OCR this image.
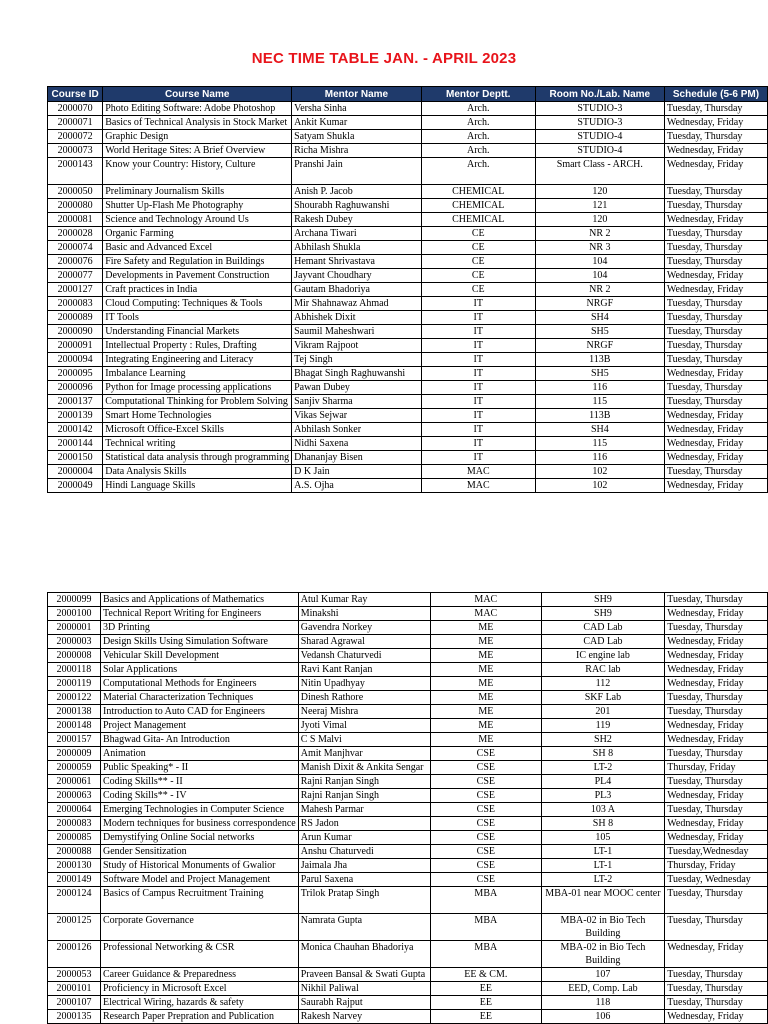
NEC TIME TABLE JAN. - APRIL 2023
Course ID	Course Name	Mentor Name	Mentor Deptt.	Room No./Lab. Name	Schedule (5-6 PM)
2000070	Photo Editing Software: Adobe Photoshop	Versha Sinha	Arch.	STUDIO-3	Tuesday, Thursday
2000071	Basics of Technical Analysis in Stock Market	Ankit Kumar	Arch.	STUDIO-3	Wednesday, Friday
2000072	Graphic Design	Satyam Shukla	Arch.	STUDIO-4	Tuesday, Thursday
2000073	World Heritage Sites: A Brief Overview	Richa Mishra	Arch.	STUDIO-4	Wednesday, Friday
2000143	Know your Country: History, Culture	Pranshi Jain	Arch.	Smart Class - ARCH.	Wednesday, Friday
2000050	Preliminary Journalism Skills	Anish P. Jacob	CHEMICAL	120	Tuesday, Thursday
2000080	Shutter Up-Flash Me Photography	Shourabh Raghuwanshi	CHEMICAL	121	Tuesday, Thursday
2000081	Science and Technology Around Us	Rakesh Dubey	CHEMICAL	120	Wednesday, Friday
2000028	Organic Farming	Archana Tiwari	CE	NR 2	Tuesday, Thursday
2000074	Basic and Advanced Excel	Abhilash Shukla	CE	NR 3	Tuesday, Thursday
2000076	Fire Safety and Regulation in Buildings	Hemant Shrivastava	CE	104	Tuesday, Thursday
2000077	Developments in Pavement Construction	Jayvant Choudhary	CE	104	Wednesday, Friday
2000127	Craft practices in India	Gautam Bhadoriya	CE	NR 2	Wednesday, Friday
2000083	Cloud Computing: Techniques & Tools	Mir Shahnawaz Ahmad	IT	NRGF	Tuesday, Thursday
2000089	IT Tools	Abhishek Dixit	IT	SH4	Tuesday, Thursday
2000090	Understanding Financial Markets	Saumil Maheshwari	IT	SH5	Tuesday, Thursday
2000091	Intellectual Property : Rules, Drafting	Vikram Rajpoot	IT	NRGF	Tuesday, Thursday
2000094	Integrating Engineering and Literacy	Tej Singh	IT	113B	Tuesday, Thursday
2000095	Imbalance Learning	Bhagat Singh Raghuwanshi	IT	SH5	Wednesday, Friday
2000096	Python for Image processing applications	Pawan Dubey	IT	116	Tuesday, Thursday
2000137	Computational Thinking for Problem Solving	Sanjiv Sharma	IT	115	Tuesday, Thursday
2000139	Smart Home Technologies	Vikas Sejwar	IT	113B	Wednesday, Friday
2000142	Microsoft Office-Excel Skills	Abhilash Sonker	IT	SH4	Wednesday, Friday
2000144	Technical writing	Nidhi Saxena	IT	115	Wednesday, Friday
2000150	Statistical data analysis through programming	Dhananjay Bisen	IT	116	Wednesday, Friday
2000004	Data Analysis Skills	D K Jain	MAC	102	Tuesday, Thursday
2000049	Hindi Language Skills	A.S. Ojha	MAC	102	Wednesday, Friday
2000099	Basics and Applications of Mathematics	Atul Kumar Ray	MAC	SH9	Tuesday, Thursday
2000100	Technical Report Writing for Engineers	Minakshi	MAC	SH9	Wednesday, Friday
2000001	3D Printing	Gavendra Norkey	ME	CAD Lab	Tuesday, Thursday
2000003	Design Skills Using Simulation Software	Sharad Agrawal	ME	CAD Lab	Wednesday, Friday
2000008	Vehicular Skill Development	Vedansh Chaturvedi	ME	IC engine lab	Wednesday, Friday
2000118	Solar Applications	Ravi Kant Ranjan	ME	RAC lab	Wednesday, Friday
2000119	Computational Methods for Engineers	Nitin Upadhyay	ME	112	Wednesday, Friday
2000122	Material Characterization Techniques	Dinesh Rathore	ME	SKF Lab	Tuesday, Thursday
2000138	Introduction to Auto CAD for Engineers	Neeraj Mishra	ME	201	Tuesday, Thursday
2000148	Project Management	Jyoti Vimal	ME	119	Wednesday, Friday
2000157	Bhagwad Gita- An Introduction	C S Malvi	ME	SH2	Wednesday, Friday
2000009	Animation	Amit Manjhvar	CSE	SH 8	Tuesday, Thursday
2000059	Public Speaking* - II	Manish Dixit & Ankita Sengar	CSE	LT-2	Thursday, Friday
2000061	Coding Skills** - II	Rajni Ranjan Singh	CSE	PL4	Tuesday, Thursday
2000063	Coding Skills** - IV	Rajni Ranjan Singh	CSE	PL3	Wednesday, Friday
2000064	Emerging Technologies in Computer Science	Mahesh Parmar	CSE	103 A	Tuesday, Thursday
2000083	Modern techniques for business correspondence	RS Jadon	CSE	SH 8	Wednesday, Friday
2000085	Demystifying Online Social networks	Arun Kumar	CSE	105	Wednesday, Friday
2000088	Gender Sensitization	Anshu Chaturvedi	CSE	LT-1	Tuesday,Wednesday
2000130	Study of Historical Monuments of Gwalior	Jaimala Jha	CSE	LT-1	Thursday, Friday
2000149	Software Model and Project Management	Parul Saxena	CSE	LT-2	Tuesday, Wednesday
2000124	Basics of Campus Recruitment Training	Trilok Pratap Singh	MBA	MBA-01 near MOOC center	Tuesday, Thursday
2000125	Corporate Governance	Namrata Gupta	MBA	MBA-02 in Bio Tech Building	Tuesday, Thursday
2000126	Professional Networking & CSR	Monica Chauhan Bhadoriya	MBA	MBA-02 in Bio Tech Building	Wednesday, Friday
2000053	Career Guidance & Preparedness	Praveen Bansal & Swati Gupta	EE & CM.	107	Tuesday, Thursday
2000101	Proficiency in Microsoft Excel	Nikhil Paliwal	EE	EED, Comp. Lab	Tuesday, Thursday
2000107	Electrical Wiring, hazards & safety	Saurabh Rajput	EE	118	Tuesday, Thursday
2000135	Research Paper Prepration and Publication	Rakesh Narvey	EE	106	Wednesday, Friday
